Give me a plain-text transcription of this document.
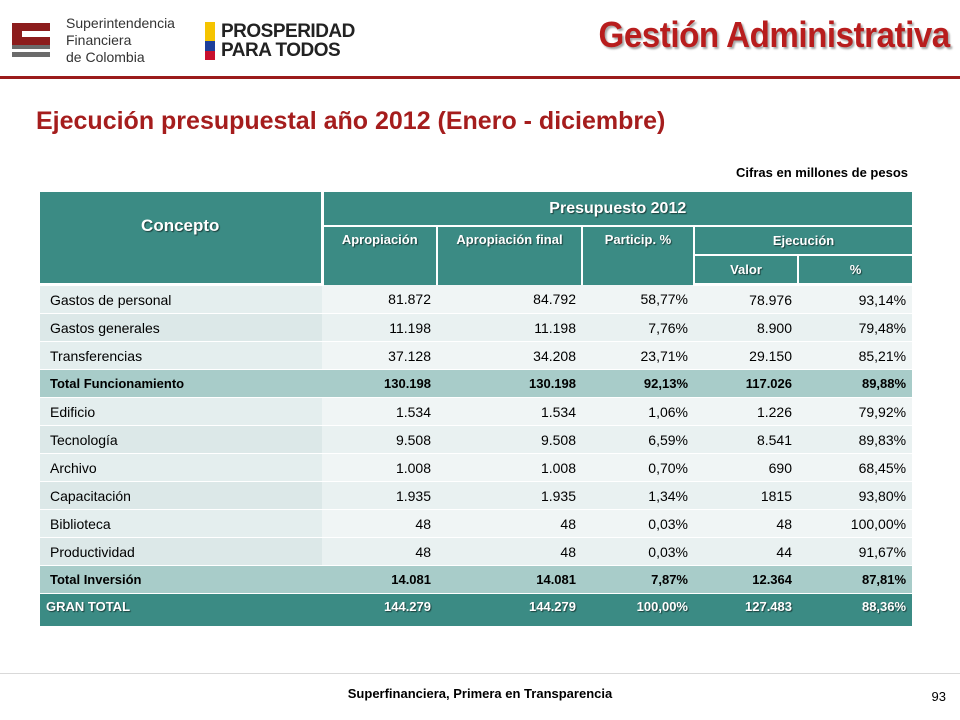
Superintendencia
Financiera
de Colombia
PROSPERIDAD
PARA TODOS	Gestión Administrativa
Ejecución presupuestal año 2012 (Enero - diciembre)
Cifras en millones de pesos
Concepto	Presupuesto 2012				
	Apropiación	Apropiación final	Particip. %	Ejecución	
				Valor	%
Gastos de personal	81.872	84.792	58,77%	78.976	93,14%
Gastos generales	11.198	11.198	7,76%	8.900	79,48%
Transferencias	37.128	34.208	23,71%	29.150	85,21%
Total Funcionamiento	130.198	130.198	92,13%	117.026	89,88%
Edificio	1.534	1.534	1,06%	1.226	79,92%
Tecnología	9.508	9.508	6,59%	8.541	89,83%
Archivo	1.008	1.008	0,70%	690	68,45%
Capacitación	1.935	1.935	1,34%	1815	93,80%
Biblioteca	48	48	0,03%	48	100,00%
Productividad	48	48	0,03%	44	91,67%
Total Inversión	14.081	14.081	7,87%	12.364	87,81%
GRAN TOTAL	144.279	144.279	100,00%	127.483	88,36%
Superfinanciera, Primera en Transparencia	93
